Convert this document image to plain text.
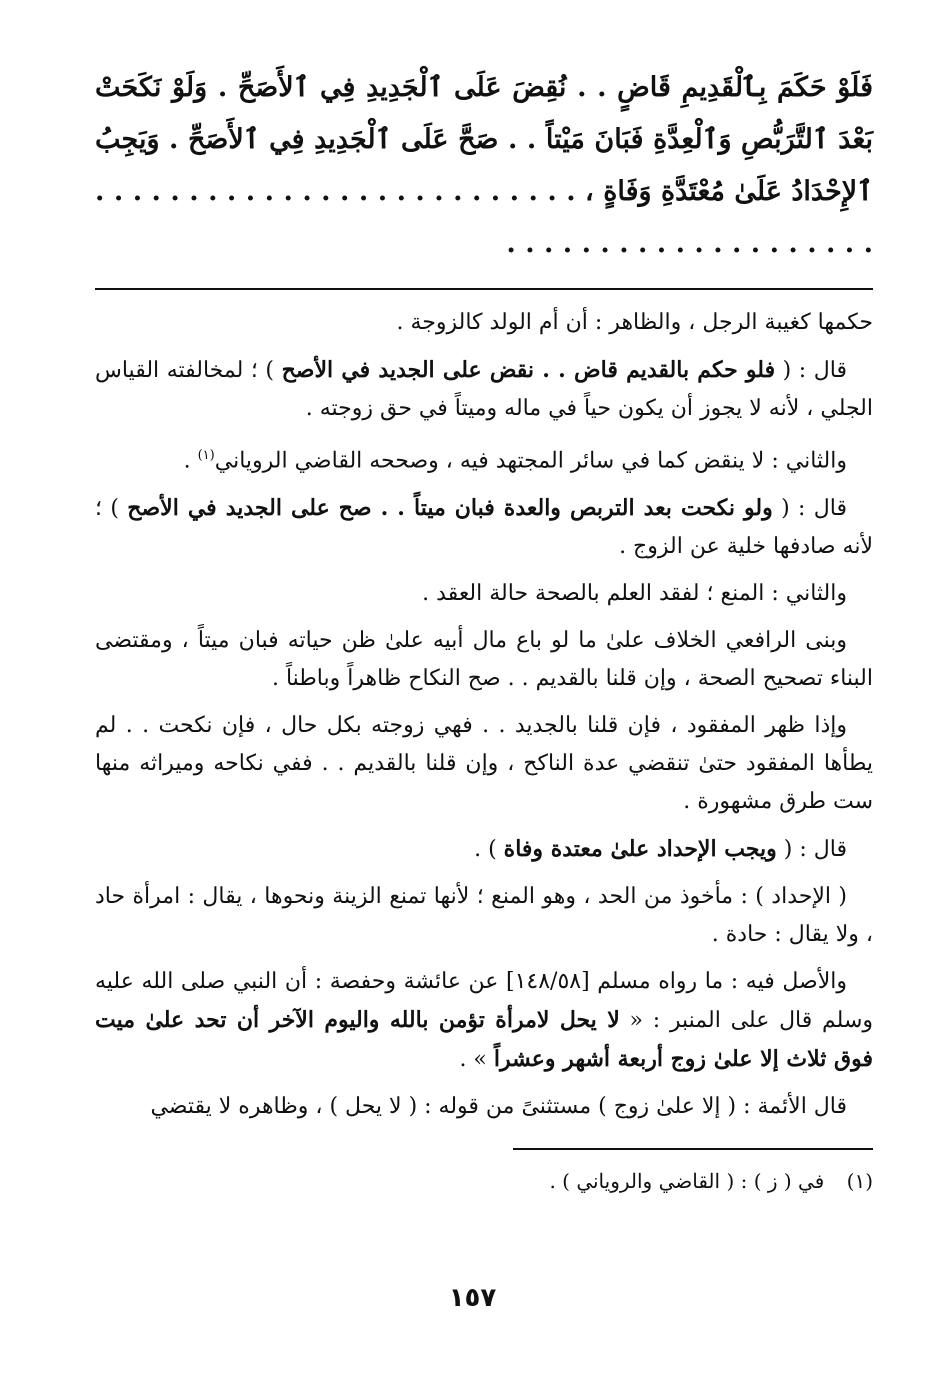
فَلَوْ حَكَمَ بِٱلْقَدِيمِ قَاضٍ . . نُقِضَ عَلَى ٱلْجَدِيدِ فِي ٱلأَصَحِّ . وَلَوْ نَكَحَتْ بَعْدَ ٱلتَّرَبُّصِ وَٱلْعِدَّةِ فَبَانَ مَيْتاً . . صَحَّ عَلَى ٱلْجَدِيدِ فِي ٱلأَصَحِّ . وَيَجِبُ ٱلإِحْدَادُ عَلَىٰ مُعْتَدَّةِ وَفَاةٍ ، . . . . . . . . . . . . . . . . . . . . . . . . . . . . . . . . . . . . . . . . . . . . . .

حكمها كغيبة الرجل ، والظاهر : أن أم الولد كالزوجة .

قال : ( فلو حكم بالقديم قاض . . نقض على الجديد في الأصح ) ؛ لمخالفته القياس الجلي ، لأنه لا يجوز أن يكون حياً في ماله وميتاً في حق زوجته .

والثاني : لا ينقض كما في سائر المجتهد فيه ، وصححه القاضي الروياني$^{(١)}$ .

قال : ( ولو نكحت بعد التربص والعدة فبان ميتاً . . صح على الجديد في الأصح ) ؛ لأنه صادفها خلية عن الزوج .

والثاني : المنع ؛ لفقد العلم بالصحة حالة العقد .

وبنى الرافعي الخلاف علىٰ ما لو باع مال أبيه علىٰ ظن حياته فبان ميتاً ، ومقتضى البناء تصحيح الصحة ، وإن قلنا بالقديم . . صح النكاح ظاهراً وباطناً .

وإذا ظهر المفقود ، فإن قلنا بالجديد . . فهي زوجته بكل حال ، فإن نكحت . . لم يطأها المفقود حتىٰ تنقضي عدة الناكح ، وإن قلنا بالقديم . . ففي نكاحه وميراثه منها ست طرق مشهورة .

قال : ( ويجب الإحداد علىٰ معتدة وفاة ) .

( الإحداد ) : مأخوذ من الحد ، وهو المنع ؛ لأنها تمنع الزينة ونحوها ، يقال : امرأة حاد ، ولا يقال : حادة .

والأصل فيه : ما رواه مسلم [١٤٨/٥٨] عن عائشة وحفصة : أن النبي صلى الله عليه وسلم قال على المنبر : « لا يحل لامرأة تؤمن بالله واليوم الآخر أن تحد علىٰ ميت فوق ثلاث إلا علىٰ زوج أربعة أشهر وعشراً » .

قال الأئمة : ( إلا علىٰ زوج ) مستثنىً من قوله : ( لا يحل ) ، وظاهره لا يقتضي

(١) في ( ز ) : ( القاضي والروياني ) .
١٥٧
